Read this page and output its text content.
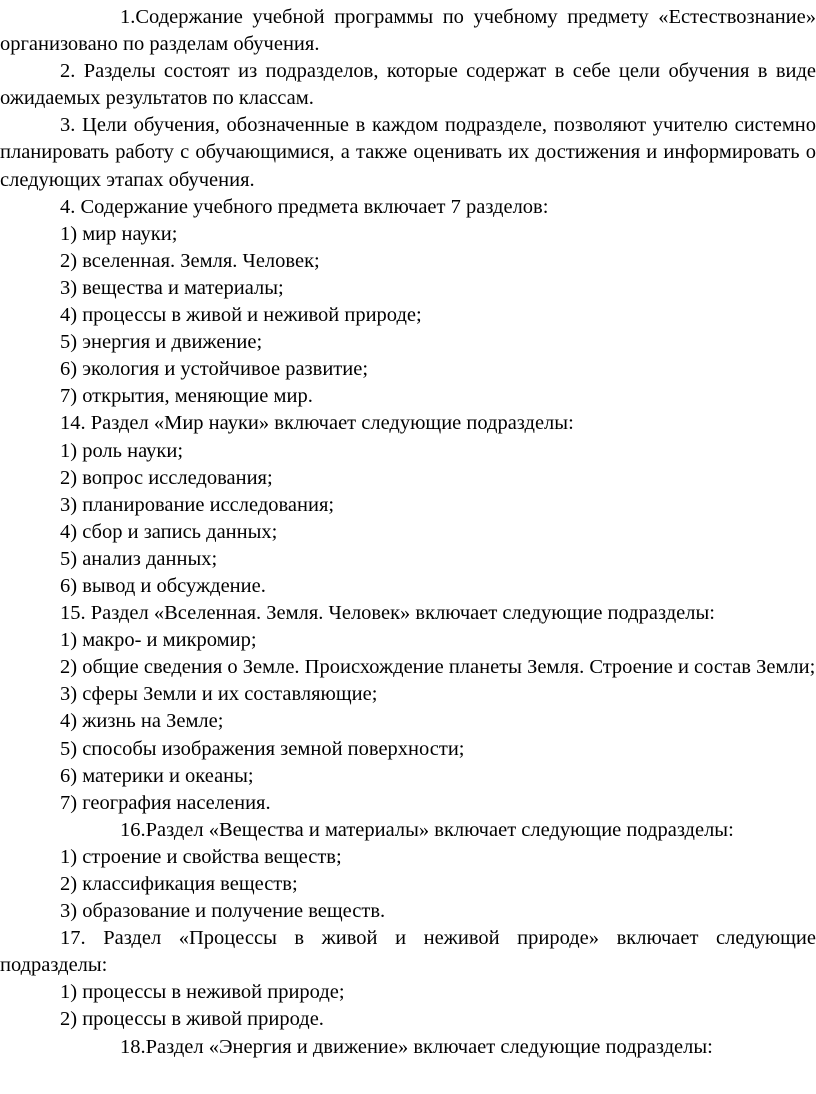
1.Содержание учебной программы по учебному предмету «Естествознание» организовано по разделам обучения.

2. Разделы состоят из подразделов, которые содержат в себе цели обучения в виде ожидаемых результатов по классам.

3. Цели обучения, обозначенные в каждом подразделе, позволяют учителю системно планировать работу с обучающимися, а также оценивать их достижения и информировать о следующих этапах обучения.

4. Содержание учебного предмета включает 7 разделов:

1) мир науки;

2) вселенная. Земля. Человек;

3) вещества и материалы;

4) процессы в живой и неживой природе;

5) энергия и движение;

6) экология и устойчивое развитие;

7) открытия, меняющие мир.

14. Раздел «Мир науки» включает следующие подразделы:

1) роль науки;

2) вопрос исследования;

3) планирование исследования;

4) сбор и запись данных;

5) анализ данных;

6) вывод и обсуждение.

15. Раздел «Вселенная. Земля. Человек» включает следующие подразделы:

1) макро- и микромир;

2) общие сведения о Земле. Происхождение планеты Земля. Строение и состав Земли;

3) сферы Земли и их составляющие;

4) жизнь на Земле;

5) способы изображения земной поверхности;

6) материки и океаны;

7) география населения.

16.Раздел «Вещества и материалы» включает следующие подразделы:

1) строение и свойства веществ;

2) классификация веществ;

3) образование и получение веществ.

17. Раздел «Процессы в живой и неживой природе» включает следующие подразделы:

1) процессы в неживой природе;

2) процессы в живой природе.

18.Раздел «Энергия и движение» включает следующие подразделы:
